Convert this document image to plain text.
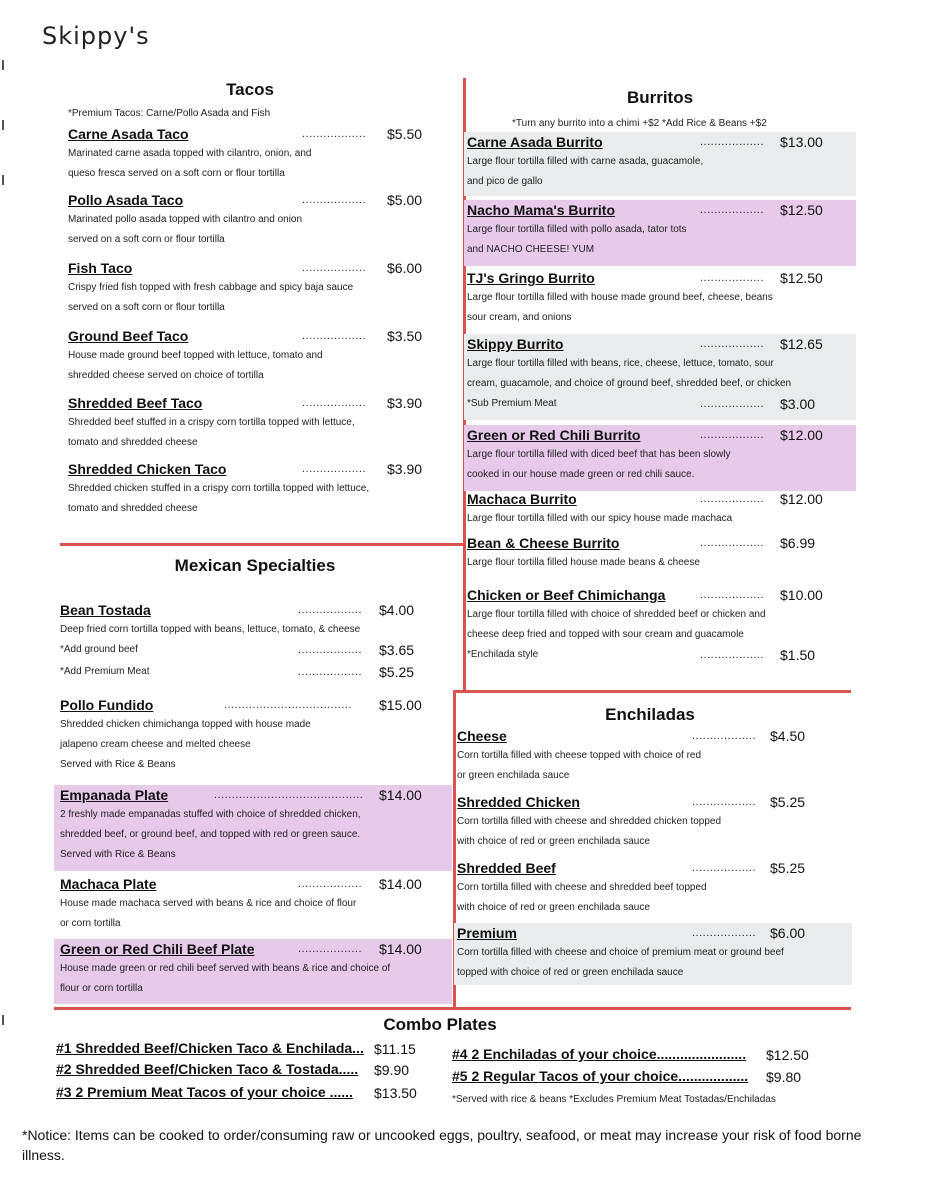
Skippy's
Tacos
*Premium Tacos: Carne/Pollo Asada and Fish
Burritos
*Turn any burrito into a chimi +$2 *Add Rice & Beans +$2
Mexican Specialties
Enchiladas
Combo Plates
Carne Asada Taco	.................. $5.50
Marinated carne asada topped with cilantro, onion, and
queso fresca served on a soft corn or flour tortilla
Pollo Asada Taco	.................. $5.00
Marinated pollo asada topped with cilantro and onion
served on a soft corn or flour tortilla
Fish Taco	.................. $6.00
Crispy fried fish topped with fresh cabbage and spicy baja sauce
served on a soft corn or flour tortilla
Ground Beef Taco	.................. $3.50
House made ground beef topped with lettuce, tomato and
shredded cheese served on choice of tortilla
Shredded Beef Taco	.................. $3.90
Shredded beef stuffed in a crispy corn tortilla topped with lettuce,
tomato and shredded cheese
Shredded Chicken Taco	.................. $3.90
Shredded chicken stuffed in a crispy corn tortilla topped with lettuce,
tomato and shredded cheese
Bean Tostada	.................. $4.00
Deep fried corn tortilla topped with beans, lettuce, tomato, & cheese
*Add ground beef	.................. $3.65
*Add Premium Meat	.................. $5.25
Pollo Fundido	.................................... $15.00
Shredded chicken chimichanga topped with house made
jalapeno cream cheese and melted cheese
Served with Rice & Beans
Empanada Plate	.......................................... $14.00
2 freshly made empanadas stuffed with choice of shredded chicken,
shredded beef, or ground beef, and topped with red or green sauce.
Served with Rice & Beans
Machaca Plate	.................. $14.00
House made machaca served with beans & rice and choice of flour
or corn tortilla
Green or Red Chili Beef Plate	.................. $14.00
House made green or red chili beef served with beans & rice and choice of
flour or corn tortilla
Carne Asada Burrito	.................. $13.00
Large flour tortilla filled with carne asada, guacamole,
and pico de gallo
Nacho Mama's Burrito	.................. $12.50
Large flour tortilla filled with pollo asada, tator tots
and NACHO CHEESE! YUM
TJ's Gringo Burrito	.................. $12.50
Large flour tortilla filled with house made ground beef, cheese, beans
sour cream, and onions
Skippy Burrito	.................. $12.65
Large flour tortilla filled with beans, rice, cheese, lettuce, tomato, sour
cream, guacamole, and choice of ground beef, shredded beef, or chicken
*Sub Premium Meat	.................. $3.00
Green or Red Chili Burrito	.................. $12.00
Large flour tortilla filled with diced beef that has been slowly
cooked in our house made green or red chili sauce.
Machaca Burrito	.................. $12.00
Large flour tortilla filled with our spicy house made machaca
Bean & Cheese Burrito	.................. $6.99
Large flour tortilla filled house made beans & cheese
Chicken or Beef Chimichanga	.................. $10.00
Large flour tortilla filled with choice of shredded beef or chicken and
cheese deep fried and topped with sour cream and guacamole
*Enchilada style	.................. $1.50
Cheese	.................. $4.50
Corn tortilla filled with cheese topped with choice of red
or green enchilada sauce
Shredded Chicken	.................. $5.25
Corn tortilla filled with cheese and shredded chicken topped
with choice of red or green enchilada sauce
Shredded Beef	.................. $5.25
Corn tortilla filled with cheese and shredded beef topped
with choice of red or green enchilada sauce
Premium	.................. $6.00
Corn tortilla filled with cheese and choice of premium meat or ground beef
topped with choice of red or green enchilada sauce
#1 Shredded Beef/Chicken Taco & Enchilada... $11.15
#2 Shredded Beef/Chicken Taco & Tostada..... $9.90
#3 2 Premium Meat Tacos of your choice ...... $13.50
#4 2 Enchiladas of your choice....................... $12.50
#5 2 Regular Tacos of your choice.................. $9.80
*Served with rice & beans *Excludes Premium Meat Tostadas/Enchiladas
*Notice: Items can be cooked to order/consuming raw or uncooked eggs, poultry, seafood, or meat may increase your risk of food borne illness.
